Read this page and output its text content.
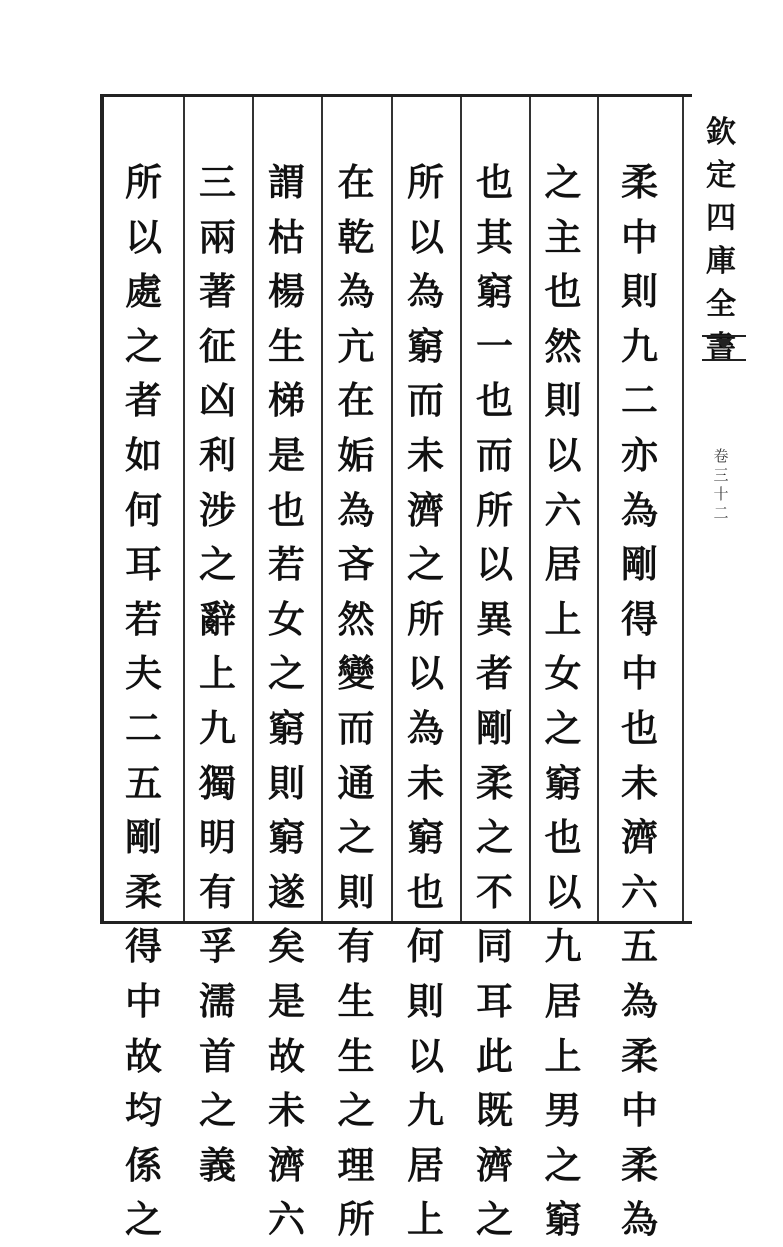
所
以
處
之
者
如
何
耳
若
夫
二
五
剛
柔
得
中
故
均
係
之
三
兩
著
征
凶
利
涉
之
辭
上
九
獨
明
有
孚
濡
首
之
義
謂
枯
楊
生
梯
是
也
若
女
之
窮
則
窮
遂
矣
是
故
未
濟
六
在
乾
為
亢
在
姤
為
吝
然
變
而
通
之
則
有
生
生
之
理
所
所
以
為
窮
而
未
濟
之
所
以
為
未
窮
也
何
則
以
九
居
上
也
其
窮
一
也
而
所
以
異
者
剛
柔
之
不
同
耳
此
既
濟
之
之
主
也
然
則
以
六
居
上
女
之
窮
也
以
九
居
上
男
之
窮
柔
中
則
九
二
亦
為
剛
得
中
也
未
濟
六
五
為
柔
中
柔
為
欽
定
四
庫
全
書
卷
三
十
二
